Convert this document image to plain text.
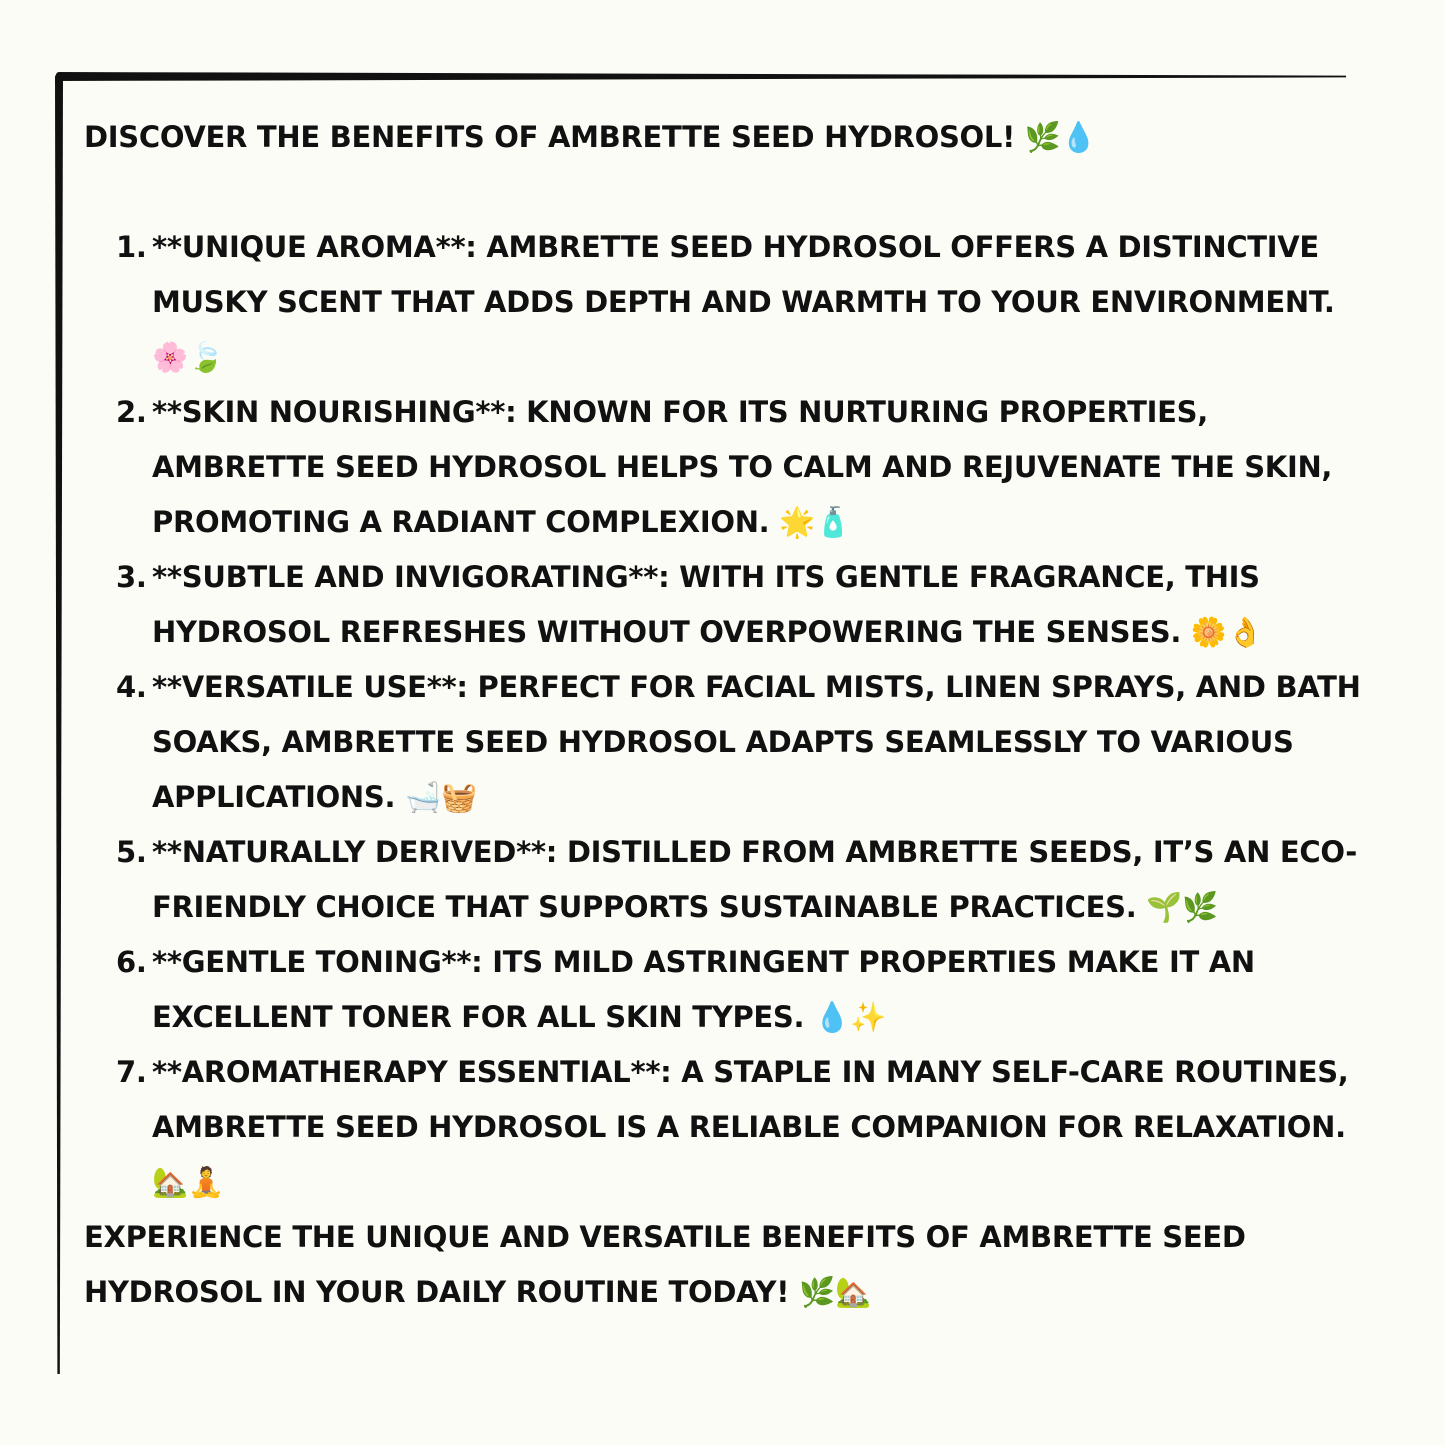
DISCOVER THE BENEFITS OF AMBRETTE SEED HYDROSOL! 🌿💧

1. **UNIQUE AROMA**: AMBRETTE SEED HYDROSOL OFFERS A DISTINCTIVE MUSKY SCENT THAT ADDS DEPTH AND WARMTH TO YOUR ENVIRONMENT. 🌸🍃
2. **SKIN NOURISHING**: KNOWN FOR ITS NURTURING PROPERTIES, AMBRETTE SEED HYDROSOL HELPS TO CALM AND REJUVENATE THE SKIN, PROMOTING A RADIANT COMPLEXION. 🌟🧴
3. **SUBTLE AND INVIGORATING**: WITH ITS GENTLE FRAGRANCE, THIS HYDROSOL REFRESHES WITHOUT OVERPOWERING THE SENSES. 🌼👌
4. **VERSATILE USE**: PERFECT FOR FACIAL MISTS, LINEN SPRAYS, AND BATH SOAKS, AMBRETTE SEED HYDROSOL ADAPTS SEAMLESSLY TO VARIOUS APPLICATIONS. 🛁🧺
5. **NATURALLY DERIVED**: DISTILLED FROM AMBRETTE SEEDS, IT’S AN ECO-FRIENDLY CHOICE THAT SUPPORTS SUSTAINABLE PRACTICES. 🌱🌿
6. **GENTLE TONING**: ITS MILD ASTRINGENT PROPERTIES MAKE IT AN EXCELLENT TONER FOR ALL SKIN TYPES. 💧✨
7. **AROMATHERAPY ESSENTIAL**: A STAPLE IN MANY SELF-CARE ROUTINES, AMBRETTE SEED HYDROSOL IS A RELIABLE COMPANION FOR RELAXATION. 🏡🧘

EXPERIENCE THE UNIQUE AND VERSATILE BENEFITS OF AMBRETTE SEED HYDROSOL IN YOUR DAILY ROUTINE TODAY! 🌿🏡
